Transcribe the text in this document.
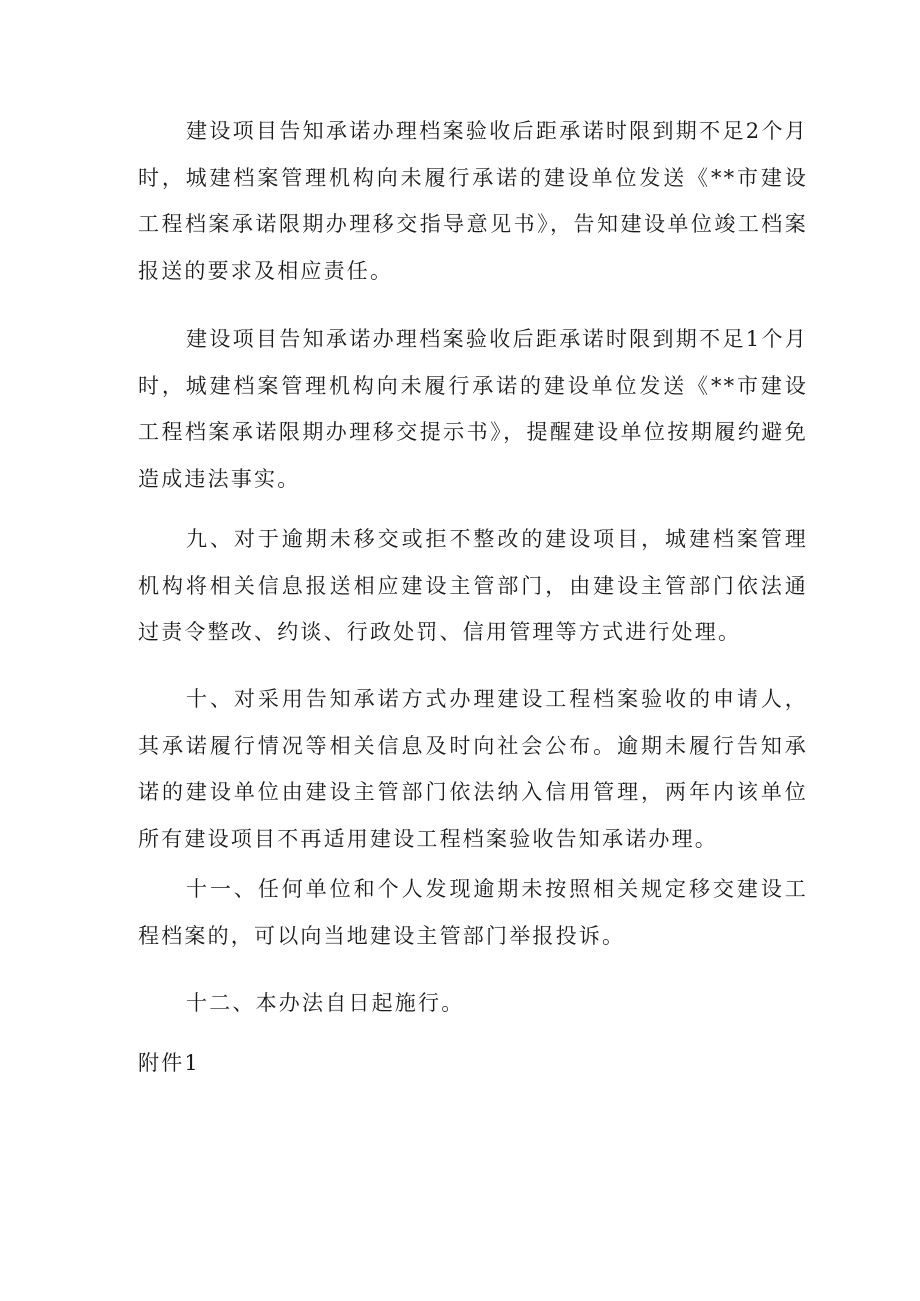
建设项目告知承诺办理档案验收后距承诺时限到期不足2个月时，城建档案管理机构向未履行承诺的建设单位发送《**市建设工程档案承诺限期办理移交指导意见书》，告知建设单位竣工档案报送的要求及相应责任。

建设项目告知承诺办理档案验收后距承诺时限到期不足1个月时，城建档案管理机构向未履行承诺的建设单位发送《**市建设工程档案承诺限期办理移交提示书》，提醒建设单位按期履约避免造成违法事实。

九、对于逾期未移交或拒不整改的建设项目，城建档案管理机构将相关信息报送相应建设主管部门，由建设主管部门依法通过责令整改、约谈、行政处罚、信用管理等方式进行处理。

十、对采用告知承诺方式办理建设工程档案验收的申请人，其承诺履行情况等相关信息及时向社会公布。逾期未履行告知承诺的建设单位由建设主管部门依法纳入信用管理，两年内该单位所有建设项目不再适用建设工程档案验收告知承诺办理。

十一、任何单位和个人发现逾期未按照相关规定移交建设工程档案的，可以向当地建设主管部门举报投诉。

十二、本办法自日起施行。

附件1
